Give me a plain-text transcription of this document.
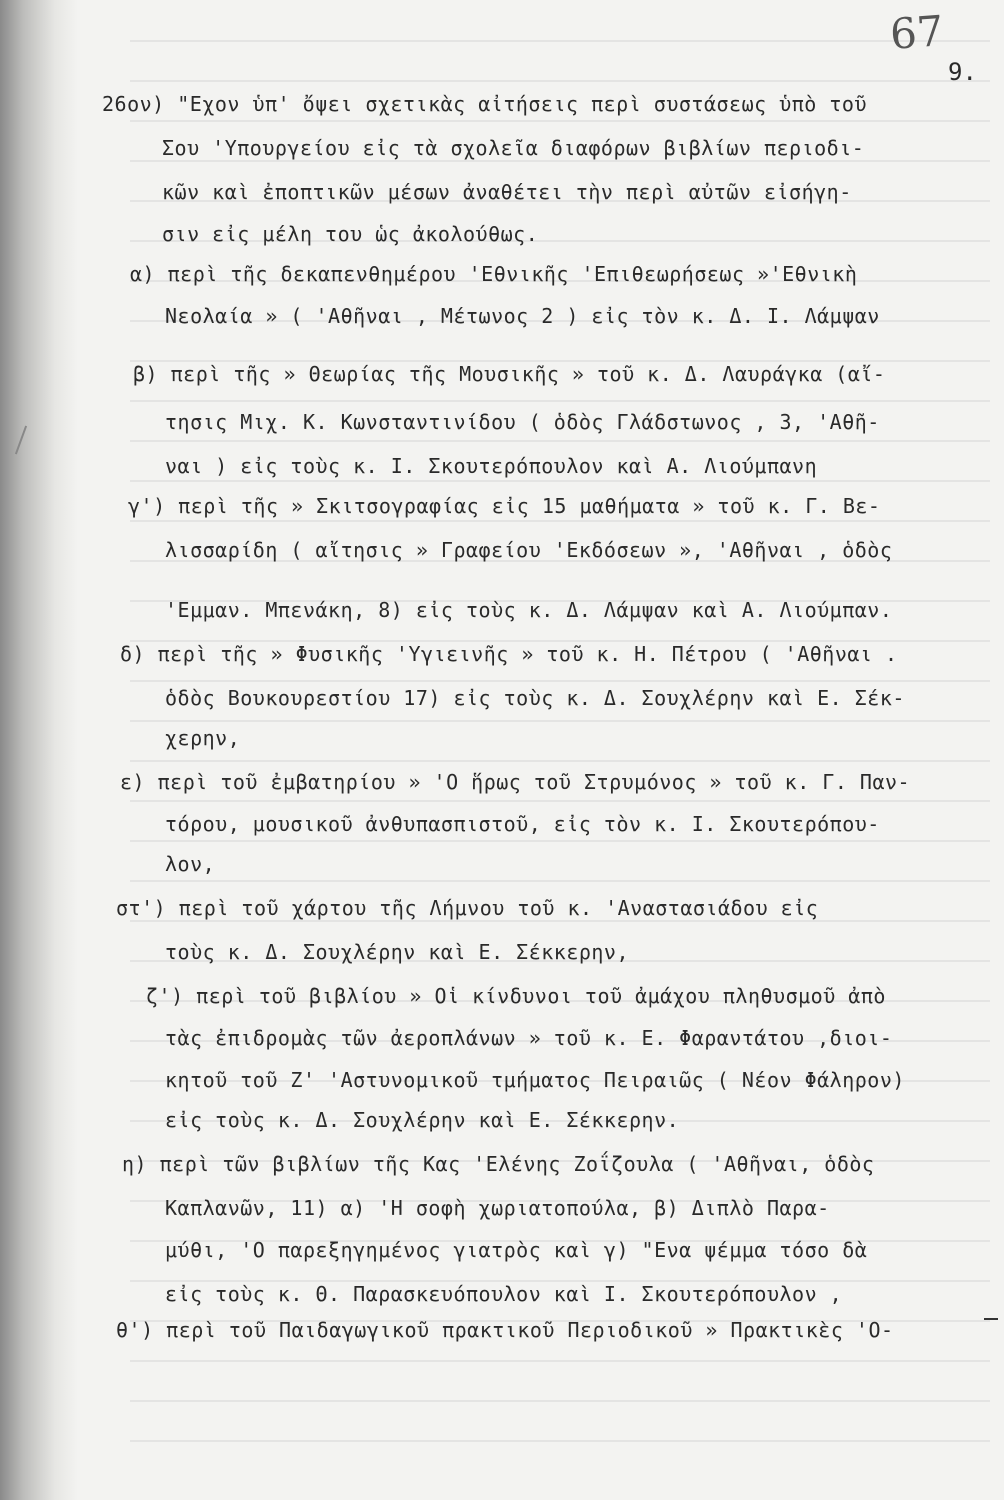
67
9.
26ον) "Εχον ὑπ' ὄψει σχετικὰς αἰτήσεις περὶ συστάσεως ὑπὸ τοῦ
Σου 'Υπουργείου εἰς τὰ σχολεῖα διαφόρων βιβλίων περιοδι-
κῶν καὶ ἐποπτικῶν μέσων ἀναθέτει τὴν περὶ αὐτῶν εἰσήγη-
σιν εἰς μέλη του ὡς ἀκολούθως.
α) περὶ τῆς δεκαπενθημέρου 'Εθνικῆς 'Επιθεωρήσεως »'Εθνικὴ
Νεολαία » ( 'Αθῆναι , Μέτωνος 2 ) εἰς τὸν κ. Δ. Ι. Λάμψαν
β) περὶ τῆς » Θεωρίας τῆς Μουσικῆς » τοῦ κ. Δ. Λαυράγκα (αἴ-
τησις Μιχ. Κ. Κωνσταντινίδου ( ὁδὸς Γλάδστωνος , 3, 'Αθῆ-
ναι ) εἰς τοὺς κ. Ι. Σκουτερόπουλον καὶ Α. Λιούμπανη
γ') περὶ τῆς » Σκιτσογραφίας εἰς 15 μαθήματα » τοῦ κ. Γ. Βε-
λισσαρίδη ( αἴτησις » Γραφείου 'Εκδόσεων », 'Αθῆναι , ὁδὸς
'Εμμαν. Μπενάκη, 8) εἰς τοὺς κ. Δ. Λάμψαν καὶ Α. Λιούμπαν.
δ) περὶ τῆς » Φυσικῆς 'Υγιεινῆς » τοῦ κ. Η. Πέτρου ( 'Αθῆναι .
ὁδὸς Βουκουρεστίου 17) εἰς τοὺς κ. Δ. Σουχλέρην καὶ Ε. Σέκ-
χερην,
ε) περὶ τοῦ ἐμβατηρίου » 'Ο ἥρως τοῦ Στρυμόνος » τοῦ κ. Γ. Παν-
τόρου, μουσικοῦ ἀνθυπασπιστοῦ, εἰς τὸν κ. Ι. Σκουτερόπου-
λον,
στ') περὶ τοῦ χάρτου τῆς Λήμνου τοῦ κ. 'Αναστασιάδου εἰς
τοὺς κ. Δ. Σουχλέρην καὶ Ε. Σέκκερην,
ζ') περὶ τοῦ βιβλίου » Οἱ κίνδυνοι τοῦ ἀμάχου πληθυσμοῦ ἀπὸ
τὰς ἐπιδρομὰς τῶν ἀεροπλάνων » τοῦ κ. Ε. Φαραντάτου ,διοι-
κητοῦ τοῦ Ζ' 'Αστυνομικοῦ τμήματος Πειραιῶς ( Νέον Φάληρον)
εἰς τοὺς κ. Δ. Σουχλέρην καὶ Ε. Σέκκερην.
η) περὶ τῶν βιβλίων τῆς Κας 'Ελένης Ζοΐζουλα ( 'Αθῆναι, ὁδὸς
Καπλανῶν, 11) α) 'Η σοφὴ χωριατοπούλα, β) Διπλὸ Παρα-
μύθι, 'Ο παρεξηγημένος γιατρὸς καὶ γ) "Ενα ψέμμα τόσο δὰ
εἰς τοὺς κ. Θ. Παρασκευόπουλον καὶ Ι. Σκουτερόπουλον ,
θ') περὶ τοῦ Παιδαγωγικοῦ πρακτικοῦ Περιοδικοῦ » Πρακτικὲς 'Ο-
